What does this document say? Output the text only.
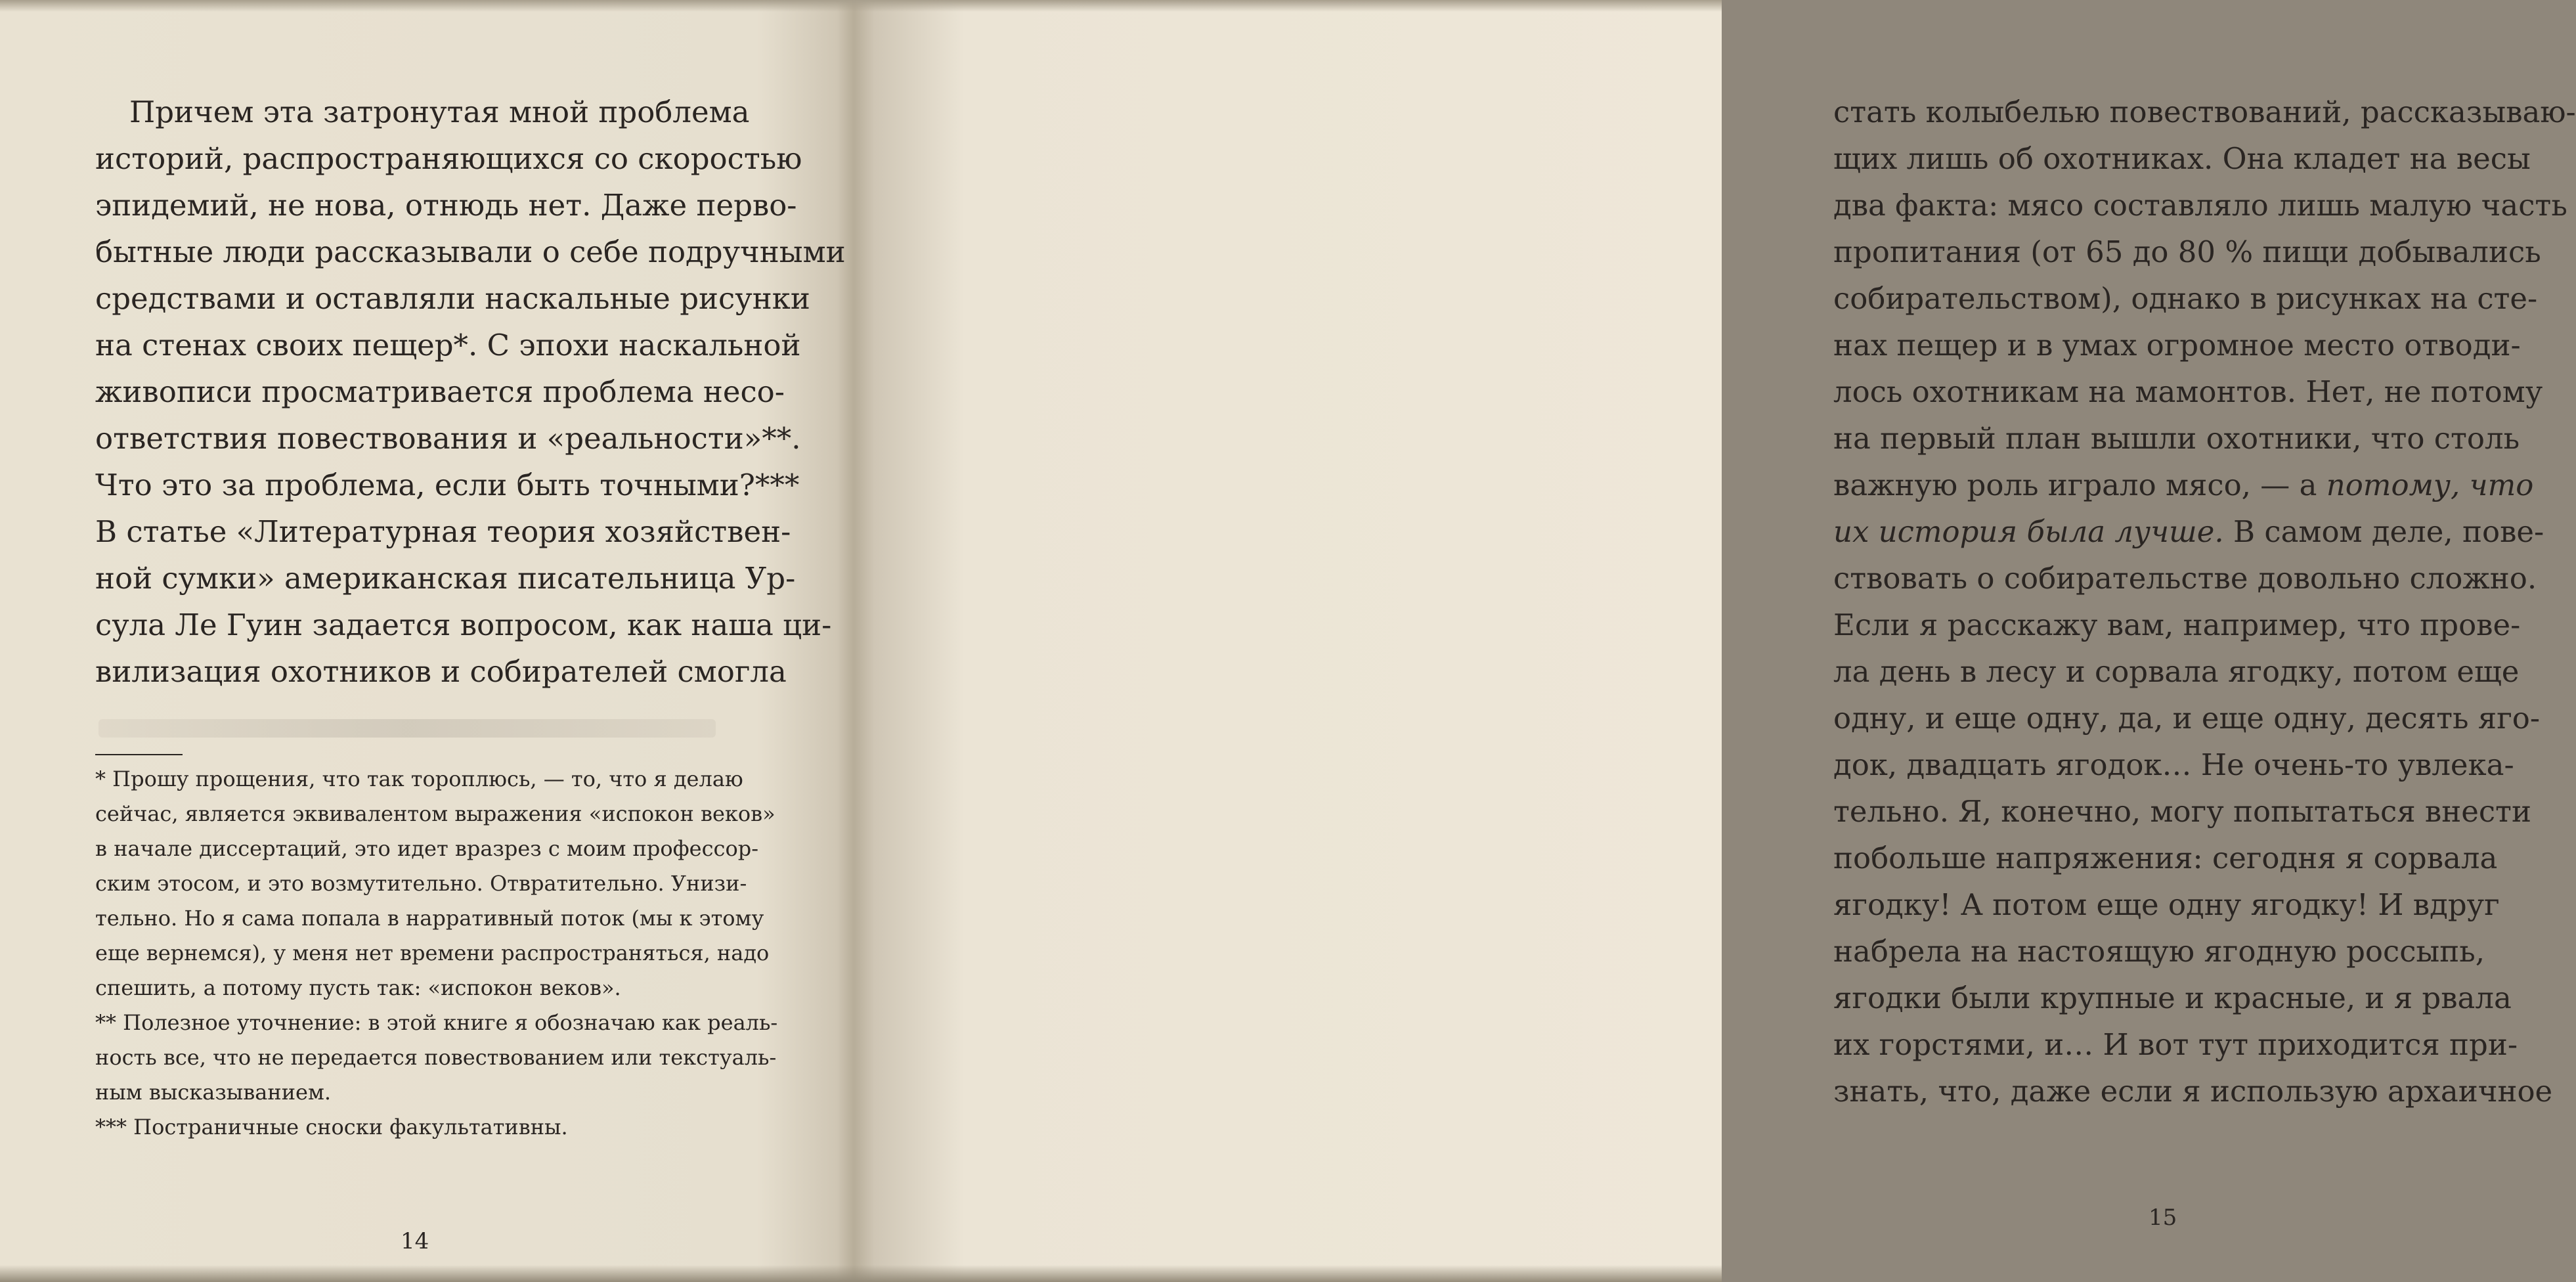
Причем эта затронутая мной проблема
историй, распространяющихся со скоростью
эпидемий, не нова, отнюдь нет. Даже перво-
бытные люди рассказывали о себе подручными
средствами и оставляли наскальные рисунки
на стенах своих пещер*. С эпохи наскальной
живописи просматривается проблема несо-
ответствия повествования и «реальности»**.
Что это за проблема, если быть точными?***
В статье «Литературная теория хозяйствен-
ной сумки» американская писательница Ур-
сула Ле Гуин задается вопросом, как наша ци-
вилизация охотников и собирателей смогла
* Прошу прощения, что так тороплюсь, — то, что я делаю
сейчас, является эквивалентом выражения «испокон веков»
в начале диссертаций, это идет вразрез с моим профессор-
ским этосом, и это возмутительно. Отвратительно. Унизи-
тельно. Но я сама попала в нарративный поток (мы к этому
еще вернемся), у меня нет времени распространяться, надо
спешить, а потому пусть так: «испокон веков».
** Полезное уточнение: в этой книге я обозначаю как реаль-
ность все, что не передается повествованием или текстуаль-
ным высказыванием.
*** Постраничные сноски факультативны.
14
стать колыбелью повествований, рассказываю-
щих лишь об охотниках. Она кладет на весы
два факта: мясо составляло лишь малую часть
пропитания (от 65 до 80 % пищи добывались
собирательством), однако в рисунках на сте-
нах пещер и в умах огромное место отводи-
лось охотникам на мамонтов. Нет, не потому
на первый план вышли охотники, что столь
важную роль играло мясо, — а потому, что
их история была лучше. В самом деле, пове-
ствовать о собирательстве довольно сложно.
Если я расскажу вам, например, что прове-
ла день в лесу и сорвала ягодку, потом еще
одну, и еще одну, да, и еще одну, десять яго-
док, двадцать ягодок… Не очень-то увлека-
тельно. Я, конечно, могу попытаться внести
побольше напряжения: сегодня я сорвала
ягодку! А потом еще одну ягодку! И вдруг
набрела на настоящую ягодную россыпь,
ягодки были крупные и красные, и я рвала
их горстями, и… И вот тут приходится при-
знать, что, даже если я использую архаичное
15
